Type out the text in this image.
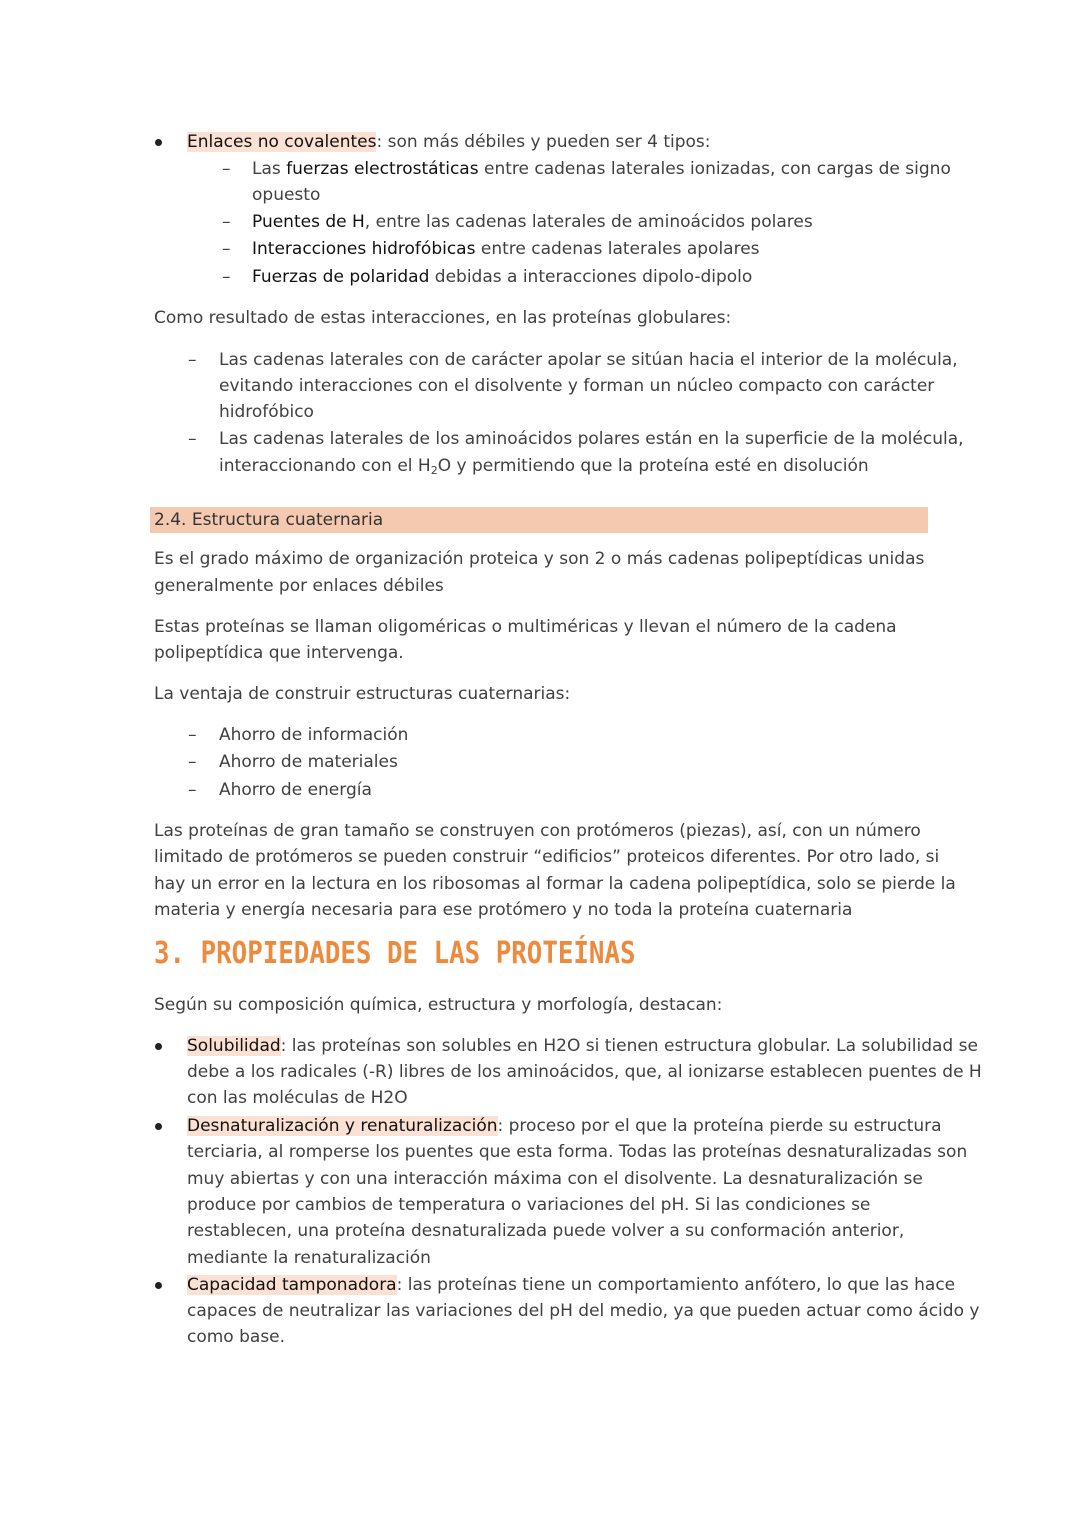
Enlaces no covalentes: son más débiles y pueden ser 4 tipos:
– Las fuerzas electrostáticas entre cadenas laterales ionizadas, con cargas de signo
opuesto
– Puentes de H, entre las cadenas laterales de aminoácidos polares
– Interacciones hidrofóbicas entre cadenas laterales apolares
– Fuerzas de polaridad debidas a interacciones dipolo-dipolo
Como resultado de estas interacciones, en las proteínas globulares:
– Las cadenas laterales con de carácter apolar se sitúan hacia el interior de la molécula,
evitando interacciones con el disolvente y forman un núcleo compacto con carácter
hidrofóbico
– Las cadenas laterales de los aminoácidos polares están en la superficie de la molécula,
interaccionando con el $H_2O$ y permitiendo que la proteína esté en disolución
2.4. Estructura cuaternaria
Es el grado máximo de organización proteica y son 2 o más cadenas polipeptídicas unidas
generalmente por enlaces débiles
Estas proteínas se llaman oligoméricas o multiméricas y llevan el número de la cadena
polipeptídica que intervenga.
La ventaja de construir estructuras cuaternarias:
– Ahorro de información
– Ahorro de materiales
– Ahorro de energía
Las proteínas de gran tamaño se construyen con protómeros (piezas), así, con un número
limitado de protómeros se pueden construir “edificios” proteicos diferentes. Por otro lado, si
hay un error en la lectura en los ribosomas al formar la cadena polipeptídica, solo se pierde la
materia y energía necesaria para ese protómero y no toda la proteína cuaternaria
3. PROPIEDADES DE LAS PROTEÍNAS
Según su composición química, estructura y morfología, destacan:
Solubilidad: las proteínas son solubles en H2O si tienen estructura globular. La solubilidad se
debe a los radicales (-R) libres de los aminoácidos, que, al ionizarse establecen puentes de H
con las moléculas de H2O
Desnaturalización y renaturalización: proceso por el que la proteína pierde su estructura
terciaria, al romperse los puentes que esta forma. Todas las proteínas desnaturalizadas son
muy abiertas y con una interacción máxima con el disolvente. La desnaturalización se
produce por cambios de temperatura o variaciones del pH. Si las condiciones se
restablecen, una proteína desnaturalizada puede volver a su conformación anterior,
mediante la renaturalización
Capacidad tamponadora: las proteínas tiene un comportamiento anfótero, lo que las hace
capaces de neutralizar las variaciones del pH del medio, ya que pueden actuar como ácido y
como base.
